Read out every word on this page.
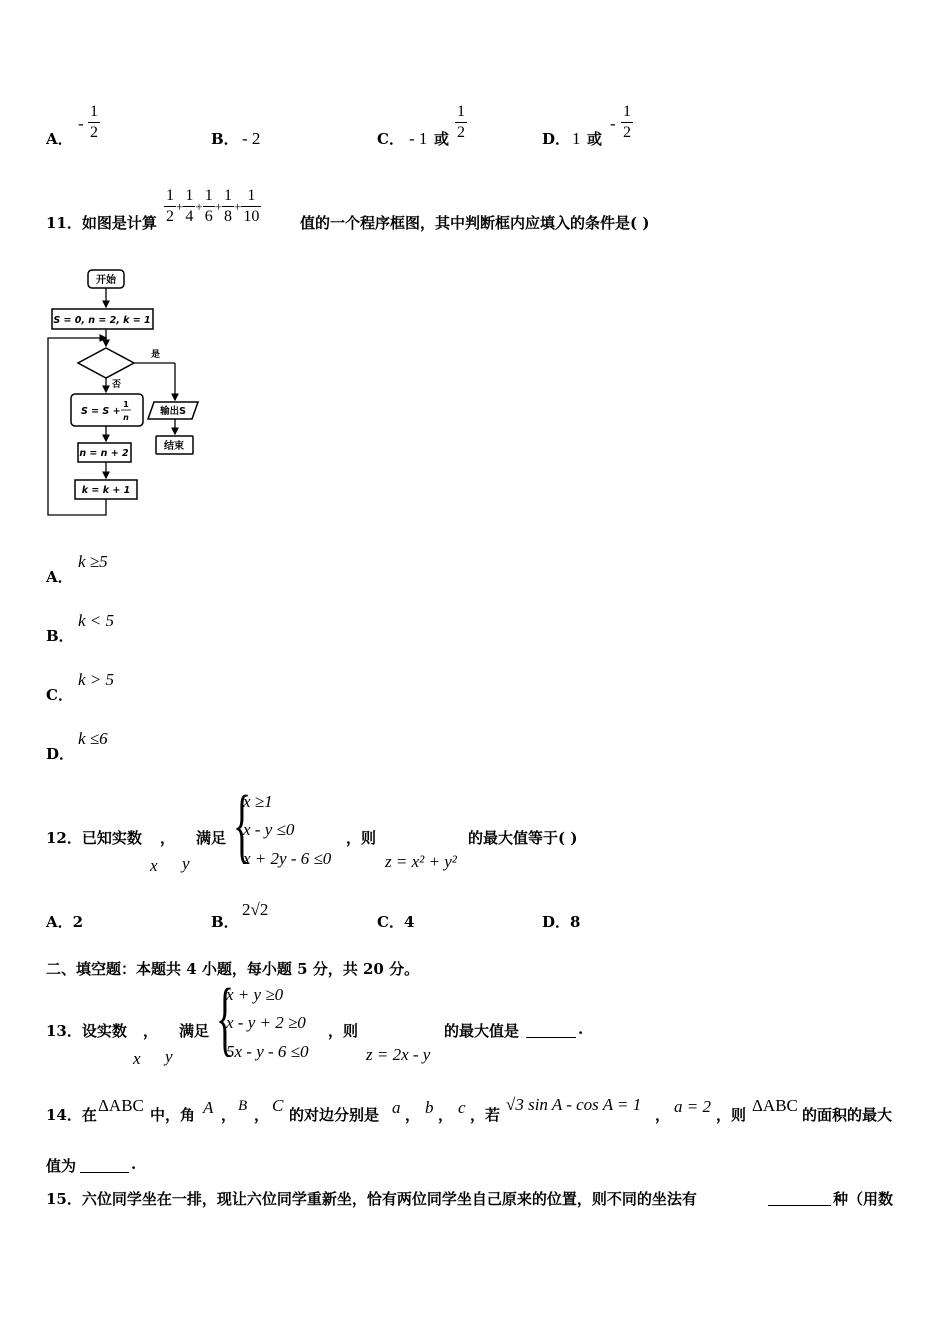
A．
- $\frac{1}{2}$	B． - 2	C． - 1 或 $\frac{1}{2}$	D． 1 或
- $\frac{1}{2}$
11．如图是计算 $\frac{1}{2} + \frac{1}{4} + \frac{1}{6} + \frac{1}{8} + \frac{1}{10}$	值的一个程序框图，其中判断框内应填入的条件是( )
开始
S = 0, n = 2, k = 1
是
否
S = S +
1
n
输出S
结束
n = n + 2
k = k + 1
A．
k ≥5
B．
k < 5
C．
k > 5
D．
k ≤6
12．已知实数 ， 满足
x y {
x ≥1
x - y ≤0
x + 2y - 6 ≤0
，则
z = x² + y²
的最大值等于( )
A．2	B．
2√2
C．4	D．8
二、填空题：本题共 4 小题，每小题 5 分，共 20 分。
13．设实数 ， 满足
x y {
x + y ≥0
x - y + 2 ≥0
5x - y - 6 ≤0
，则
z = 2x - y
的最大值是	.
14．在 ΔABC 中，角 A ， B ， C 的对边分别是 a ， b ， c ，若
√3 sin A - cos A = 1
， a = 2 ，则 ΔABC 的面积的最大
值为	.
15．六位同学坐在一排，现让六位同学重新坐，恰有两位同学坐自己原来的位置，则不同的坐法有	种（用数
